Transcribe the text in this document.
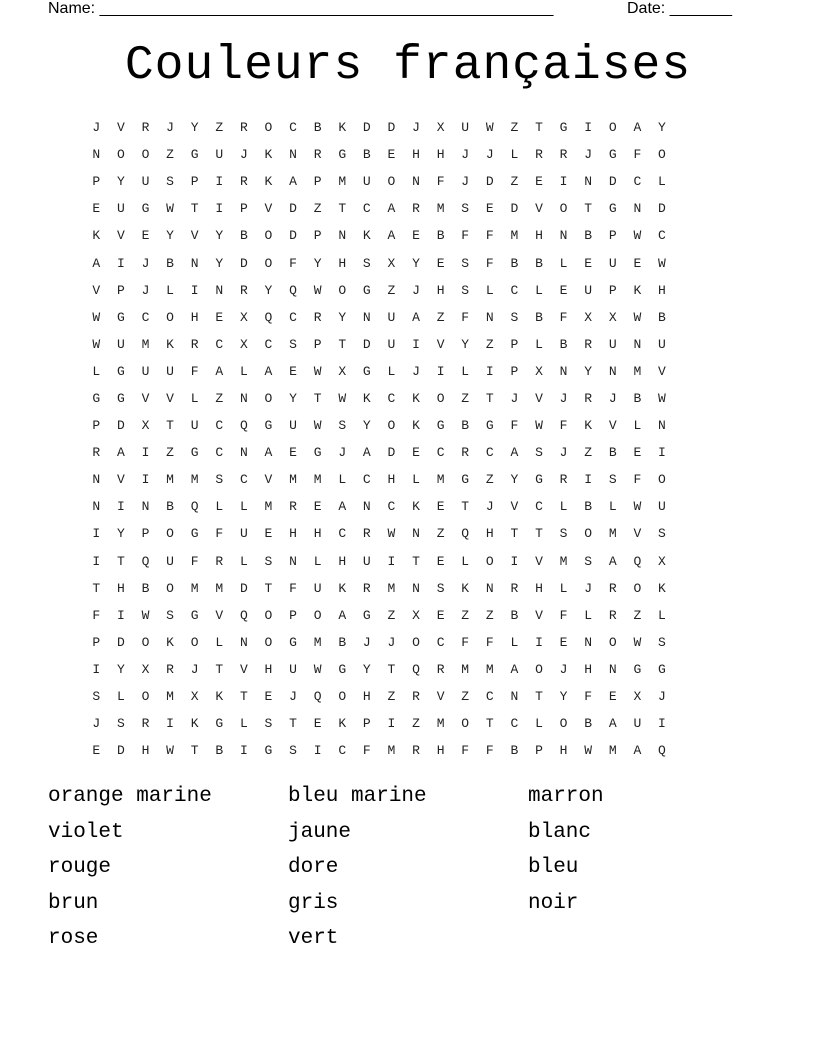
Name: ___________________________________________________	Date: _______
Couleurs françaises
J	V	R	J	Y	Z	R	O	C	B	K	D	D	J	X	U	W	Z	T	G	I	O	A	Y
N	O	O	Z	G	U	J	K	N	R	G	B	E	H	H	J	J	L	R	R	J	G	F	O
P	Y	U	S	P	I	R	K	A	P	M	U	O	N	F	J	D	Z	E	I	N	D	C	L
E	U	G	W	T	I	P	V	D	Z	T	C	A	R	M	S	E	D	V	O	T	G	N	D
K	V	E	Y	V	Y	B	O	D	P	N	K	A	E	B	F	F	M	H	N	B	P	W	C
A	I	J	B	N	Y	D	O	F	Y	H	S	X	Y	E	S	F	B	B	L	E	U	E	W
V	P	J	L	I	N	R	Y	Q	W	O	G	Z	J	H	S	L	C	L	E	U	P	K	H
W	G	C	O	H	E	X	Q	C	R	Y	N	U	A	Z	F	N	S	B	F	X	X	W	B
W	U	M	K	R	C	X	C	S	P	T	D	U	I	V	Y	Z	P	L	B	R	U	N	U
L	G	U	U	F	A	L	A	E	W	X	G	L	J	I	L	I	P	X	N	Y	N	M	V
G	G	V	V	L	Z	N	O	Y	T	W	K	C	K	O	Z	T	J	V	J	R	J	B	W
P	D	X	T	U	C	Q	G	U	W	S	Y	O	K	G	B	G	F	W	F	K	V	L	N
R	A	I	Z	G	C	N	A	E	G	J	A	D	E	C	R	C	A	S	J	Z	B	E	I
N	V	I	M	M	S	C	V	M	M	L	C	H	L	M	G	Z	Y	G	R	I	S	F	O
N	I	N	B	Q	L	L	M	R	E	A	N	C	K	E	T	J	V	C	L	B	L	W	U
I	Y	P	O	G	F	U	E	H	H	C	R	W	N	Z	Q	H	T	T	S	O	M	V	S
I	T	Q	U	F	R	L	S	N	L	H	U	I	T	E	L	O	I	V	M	S	A	Q	X
T	H	B	O	M	M	D	T	F	U	K	R	M	N	S	K	N	R	H	L	J	R	O	K
F	I	W	S	G	V	Q	O	P	O	A	G	Z	X	E	Z	Z	B	V	F	L	R	Z	L
P	D	O	K	O	L	N	O	G	M	B	J	J	O	C	F	F	L	I	E	N	O	W	S
I	Y	X	R	J	T	V	H	U	W	G	Y	T	Q	R	M	M	A	O	J	H	N	G	G
S	L	O	M	X	K	T	E	J	Q	O	H	Z	R	V	Z	C	N	T	Y	F	E	X	J
J	S	R	I	K	G	L	S	T	E	K	P	I	Z	M	O	T	C	L	O	B	A	U	I
E	D	H	W	T	B	I	G	S	I	C	F	M	R	H	F	F	B	P	H	W	M	A	Q
orange marine	bleu marine	marron
violet	jaune	blanc
rouge	dore	bleu
brun	gris	noir
rose	vert
